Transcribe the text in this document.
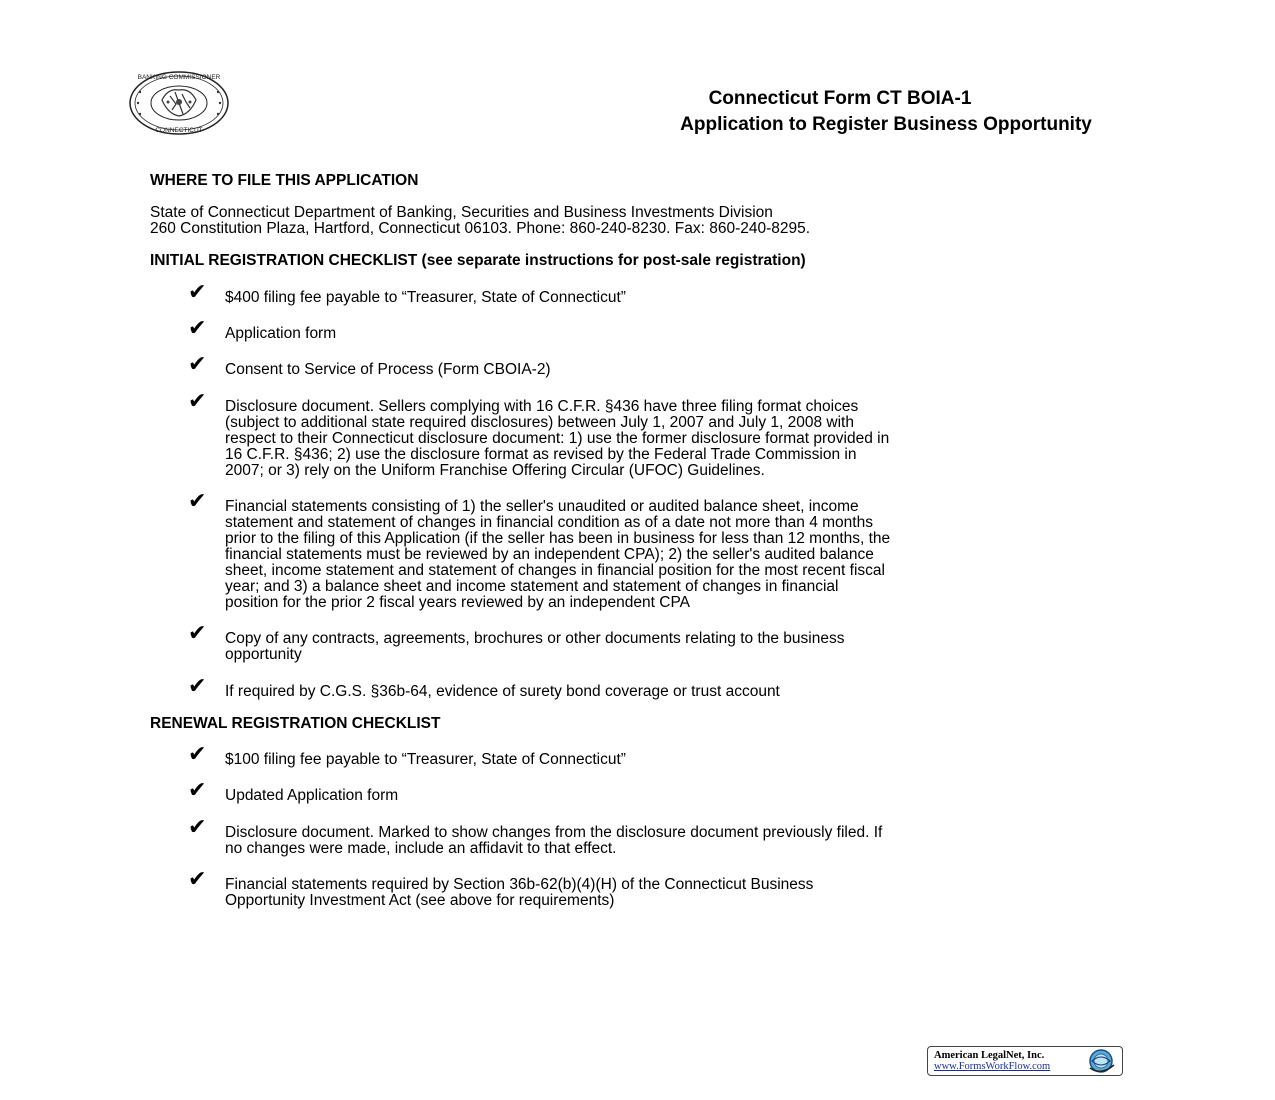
BANKING COMMISSIONER
CONNECTICUT
Connecticut Form CT BOIA-1
Application to Register Business Opportunity
WHERE TO FILE THIS APPLICATION
State of Connecticut Department of Banking, Securities and Business Investments Division
260 Constitution Plaza, Hartford, Connecticut 06103. Phone: 860-240-8230. Fax: 860-240-8295.
INITIAL REGISTRATION CHECKLIST (see separate instructions for post-sale registration)
✔ $400 filing fee payable to “Treasurer, State of Connecticut”
✔ Application form
✔ Consent to Service of Process (Form CBOIA-2)
✔ Disclosure document. Sellers complying with 16 C.F.R. §436 have three filing format choices
(subject to additional state required disclosures) between July 1, 2007 and July 1, 2008 with
respect to their Connecticut disclosure document: 1) use the former disclosure format provided in
16 C.F.R. §436; 2) use the disclosure format as revised by the Federal Trade Commission in
2007; or 3) rely on the Uniform Franchise Offering Circular (UFOC) Guidelines.
✔ Financial statements consisting of 1) the seller's unaudited or audited balance sheet, income
statement and statement of changes in financial condition as of a date not more than 4 months
prior to the filing of this Application (if the seller has been in business for less than 12 months, the
financial statements must be reviewed by an independent CPA); 2) the seller's audited balance
sheet, income statement and statement of changes in financial position for the most recent fiscal
year; and 3) a balance sheet and income statement and statement of changes in financial
position for the prior 2 fiscal years reviewed by an independent CPA
✔ Copy of any contracts, agreements, brochures or other documents relating to the business
opportunity
✔ If required by C.G.S. §36b-64, evidence of surety bond coverage or trust account
RENEWAL REGISTRATION CHECKLIST
✔ $100 filing fee payable to “Treasurer, State of Connecticut”
✔ Updated Application form
✔ Disclosure document. Marked to show changes from the disclosure document previously filed. If
no changes were made, include an affidavit to that effect.
✔ Financial statements required by Section 36b-62(b)(4)(H) of the Connecticut Business
Opportunity Investment Act (see above for requirements)
American LegalNet, Inc.
www.FormsWorkFlow.com
